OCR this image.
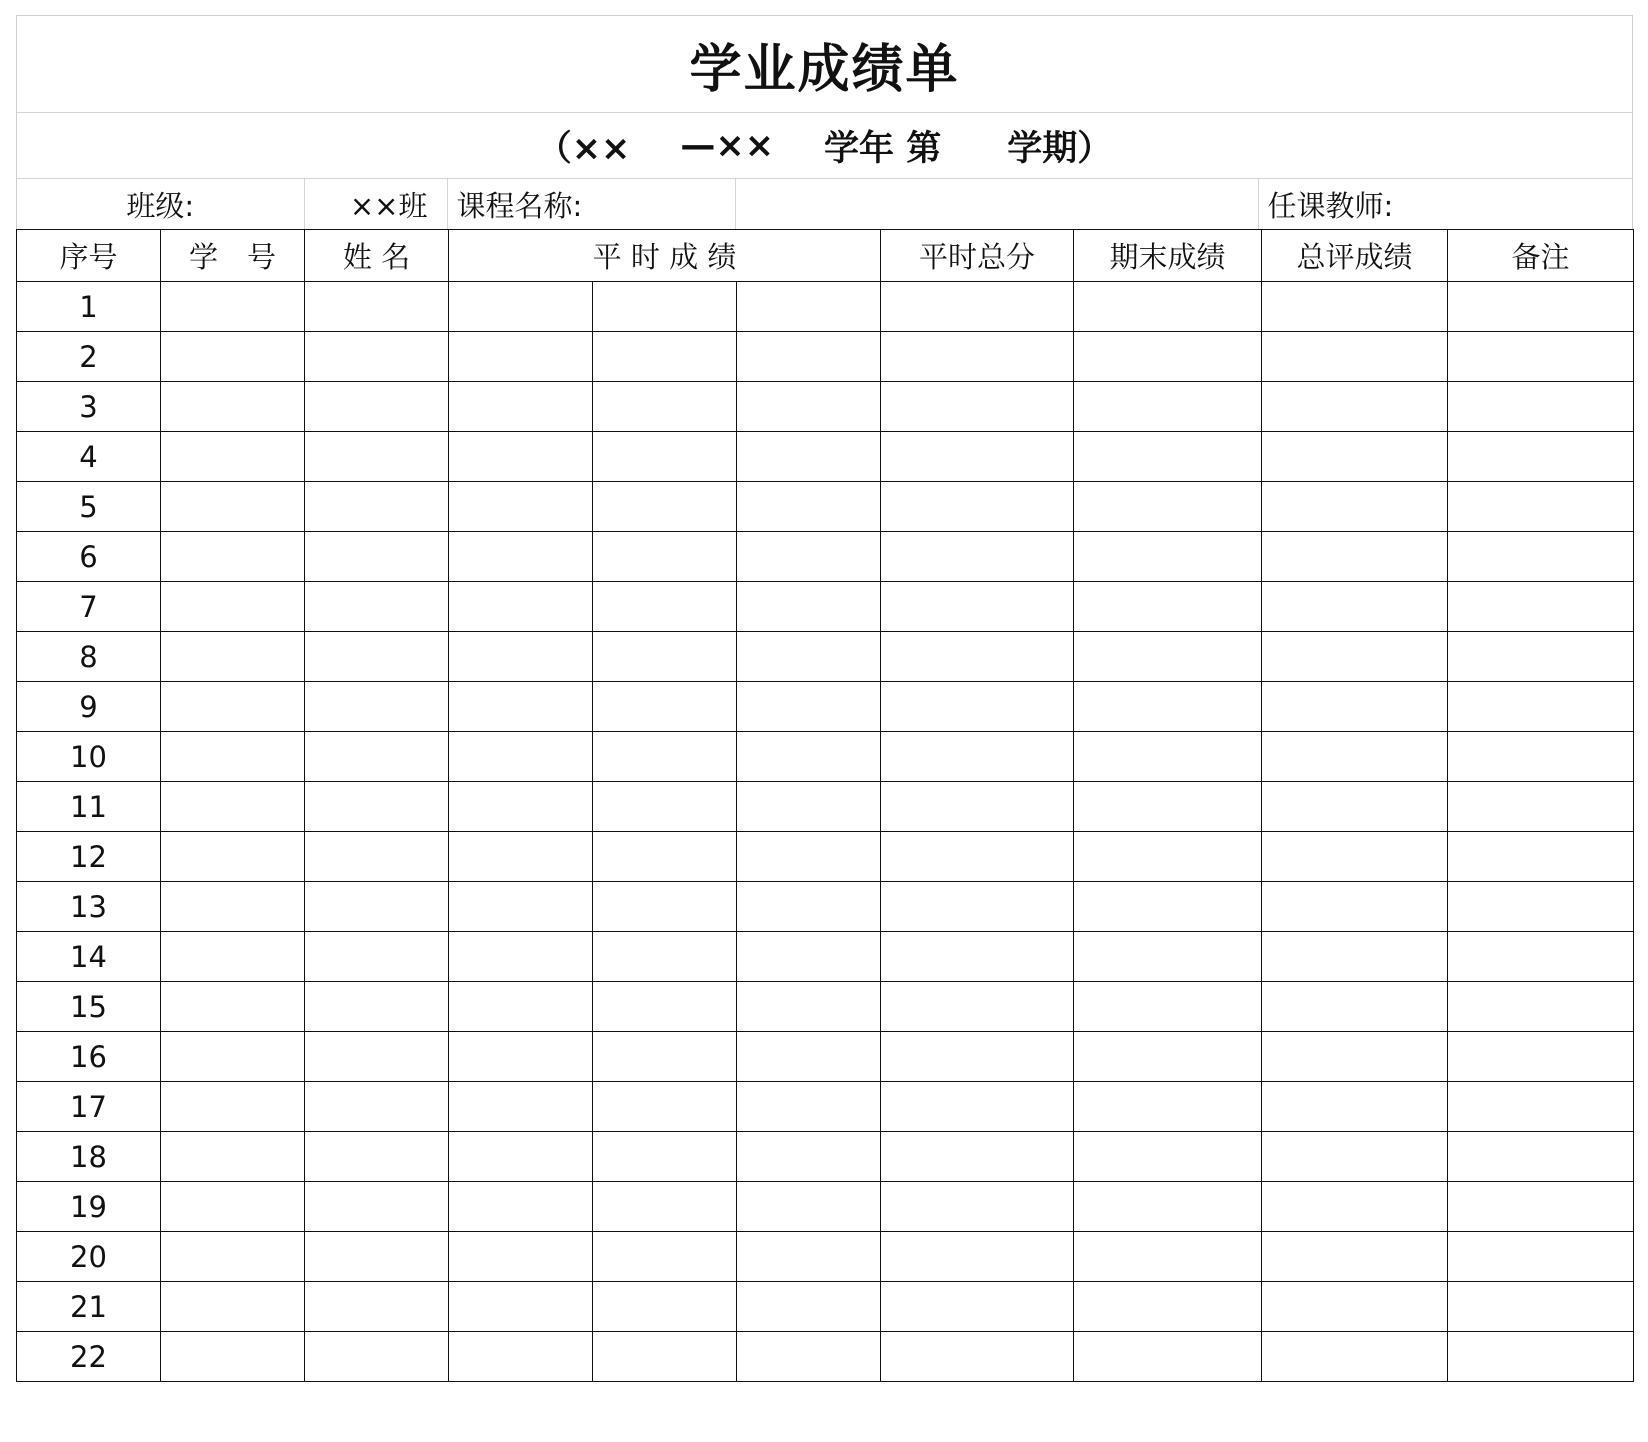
学业成绩单
（×× —×× 学年 第 学期）
班级:	××班	课程名称:	任课教师:
序号	学　号	姓 名	平 时 成 绩			平时总分	期末成绩	总评成绩	备注
1									
2									
3									
4									
5									
6									
7									
8									
9									
10									
11									
12									
13									
14									
15									
16									
17									
18									
19									
20									
21									
22									
